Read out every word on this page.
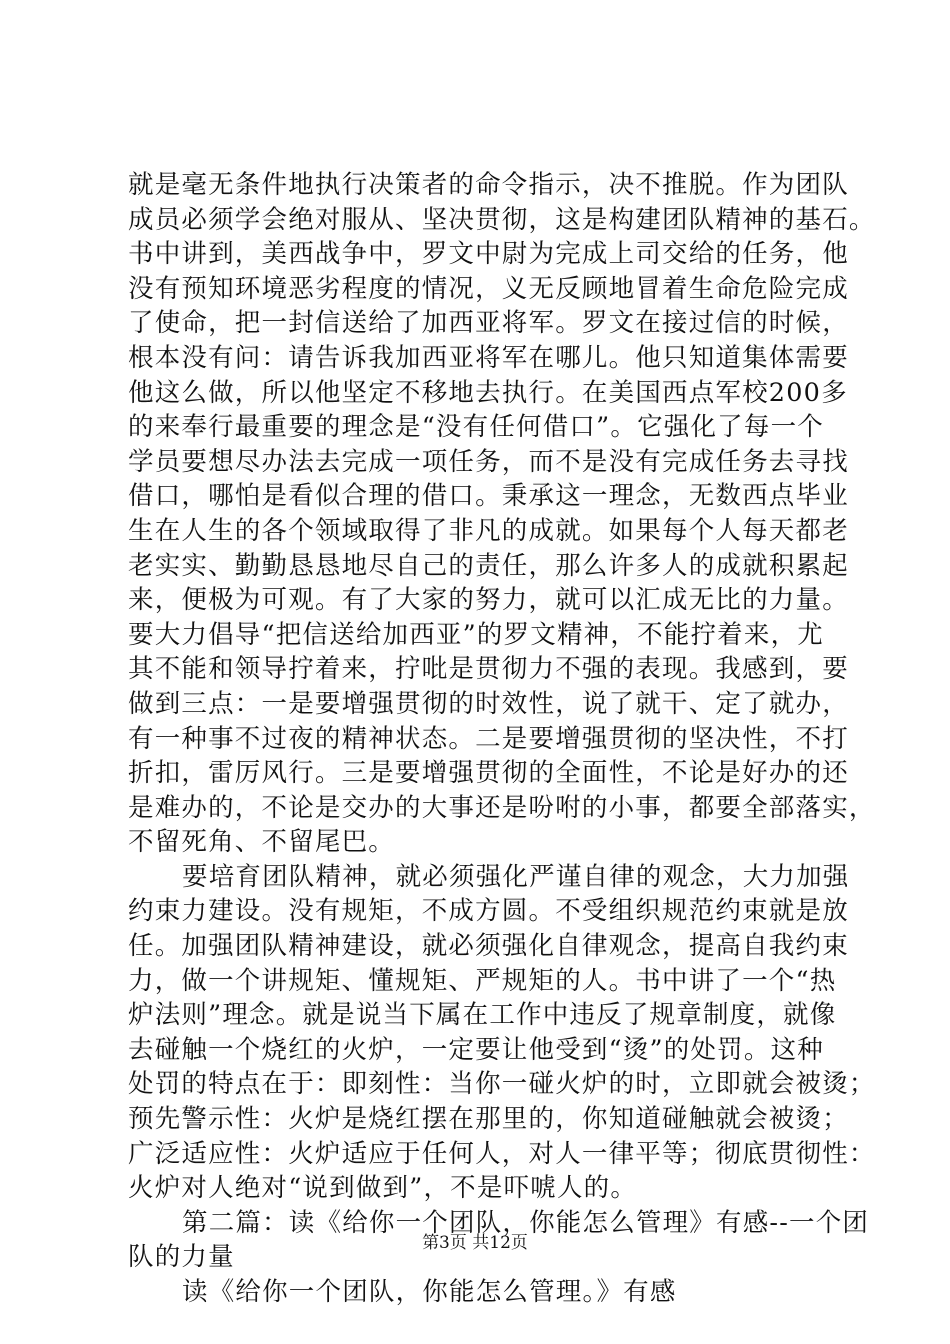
就是毫无条件地执行决策者的命令指示，决不推脱。作为团队
成员必须学会绝对服从、坚决贯彻，这是构建团队精神的基石。
书中讲到，美西战争中，罗文中尉为完成上司交给的任务，他
没有预知环境恶劣程度的情况，义无反顾地冒着生命危险完成
了使命，把一封信送给了加西亚将军。罗文在接过信的时候，
根本没有问：请告诉我加西亚将军在哪儿。他只知道集体需要
他这么做，所以他坚定不移地去执行。在美国西点军校200多
的来奉行最重要的理念是“没有任何借口”。它强化了每一个
学员要想尽办法去完成一项任务，而不是没有完成任务去寻找
借口，哪怕是看似合理的借口。秉承这一理念，无数西点毕业
生在人生的各个领域取得了非凡的成就。如果每个人每天都老
老实实、勤勤恳恳地尽自己的责任，那么许多人的成就积累起
来，便极为可观。有了大家的努力，就可以汇成无比的力量。
要大力倡导“把信送给加西亚”的罗文精神，不能拧着来，尤
其不能和领导拧着来，拧吡是贯彻力不强的表现。我感到，要
做到三点：一是要增强贯彻的时效性，说了就干、定了就办，
有一种事不过夜的精神状态。二是要增强贯彻的坚决性，不打
折扣，雷厉风行。三是要增强贯彻的全面性，不论是好办的还
是难办的，不论是交办的大事还是吩咐的小事，都要全部落实，
不留死角、不留尾巴。
要培育团队精神，就必须强化严谨自律的观念，大力加强
约束力建设。没有规矩，不成方圆。不受组织规范约束就是放
任。加强团队精神建设，就必须强化自律观念，提高自我约束
力，做一个讲规矩、懂规矩、严规矩的人。书中讲了一个“热
炉法则”理念。就是说当下属在工作中违反了规章制度，就像
去碰触一个烧红的火炉，一定要让他受到“烫”的处罚。这种
处罚的特点在于：即刻性：当你一碰火炉的时，立即就会被烫；
预先警示性：火炉是烧红摆在那里的，你知道碰触就会被烫；
广泛适应性：火炉适应于任何人，对人一律平等；彻底贯彻性：
火炉对人绝对“说到做到”，不是吓唬人的。
第二篇：读《给你一个团队，你能怎么管理》有感--一个团
队的力量
读《给你一个团队，你能怎么管理。》有感
第3页 共12页
